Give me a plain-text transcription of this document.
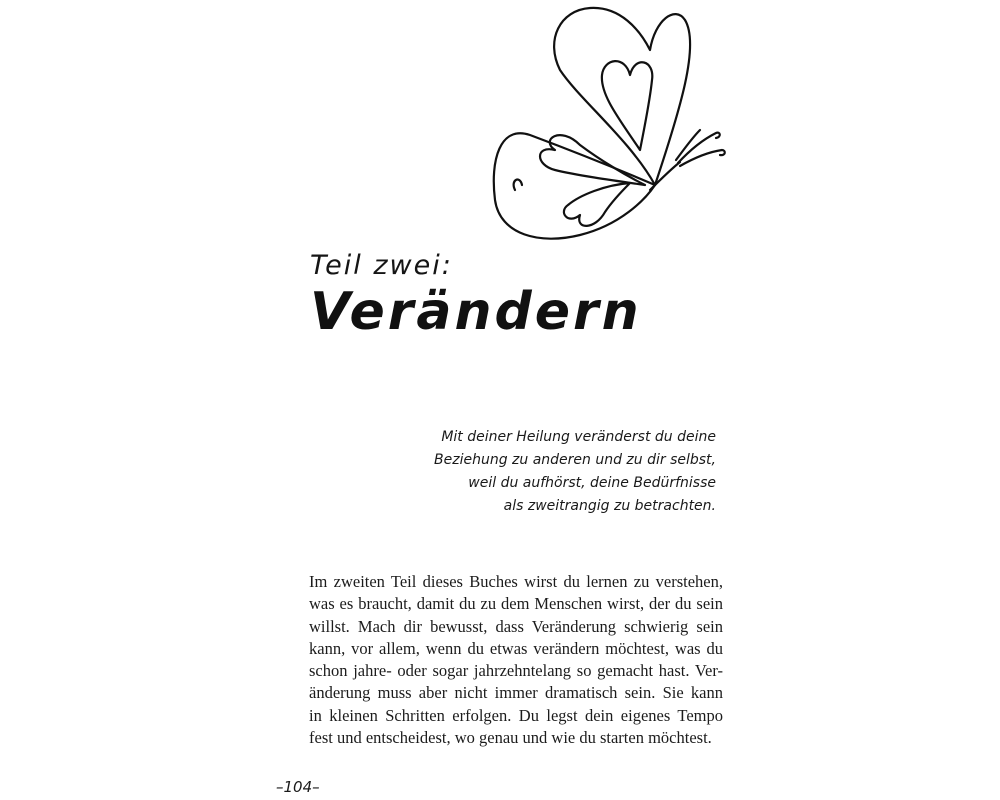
Teil zwei:

Verändern

Mit deiner Heilung veränderst du deine
Beziehung zu anderen und zu dir selbst,
weil du aufhörst, deine Bedürfnisse
als zweitrangig zu betrachten.

Im zweiten Teil dieses Buches wirst du lernen zu verstehen,
was es braucht, damit du zu dem Menschen wirst, der du sein
willst. Mach dir bewusst, dass Veränderung schwierig sein
kann, vor allem, wenn du etwas verändern möchtest, was du
schon jahre- oder sogar jahrzehntelang so gemacht hast. Ver-
änderung muss aber nicht immer dramatisch sein. Sie kann
in kleinen Schritten erfolgen. Du legst dein eigenes Tempo
fest und entscheidest, wo genau und wie du starten möchtest.

–104–
